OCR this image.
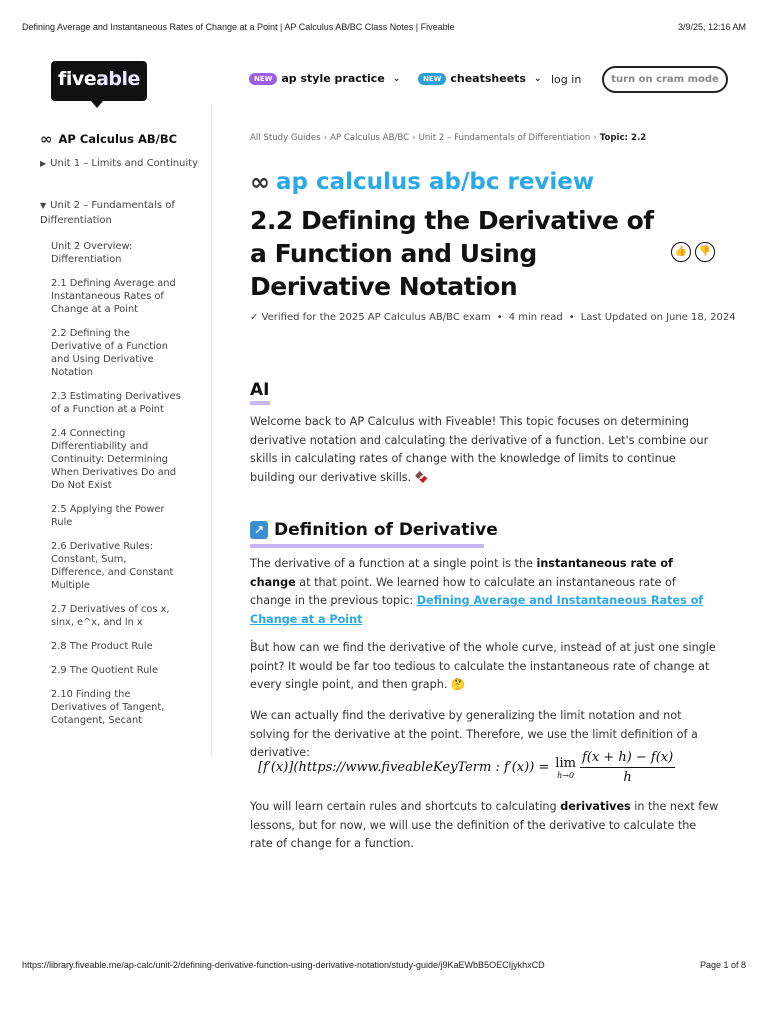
Defining Average and Instantaneous Rates of Change at a Point | AP Calculus AB/BC Class Notes | Fiveable	3/9/25, 12:16 AM
fiveable	NEW ap style practice ⌄	NEW cheatsheets ⌄ log in	turn on cram mode
∞ AP Calculus AB/BC
▶ Unit 1 – Limits and Continuity
▼ Unit 2 – Fundamentals of Differentiation
Unit 2 Overview: Differentiation
2.1 Defining Average and Instantaneous Rates of Change at a Point
2.2 Defining the Derivative of a Function and Using Derivative Notation
2.3 Estimating Derivatives of a Function at a Point
2.4 Connecting Differentiability and Continuity: Determining When Derivatives Do and Do Not Exist
2.5 Applying the Power Rule
2.6 Derivative Rules: Constant, Sum, Difference, and Constant Multiple
2.7 Derivatives of cos x, sinx, e^x, and ln x
2.8 The Product Rule
2.9 The Quotient Rule
2.10 Finding the Derivatives of Tangent, Cotangent, Secant
All Study Guides › AP Calculus AB/BC › Unit 2 – Fundamentals of Differentiation › Topic: 2.2
∞ ap calculus ab/bc review
2.2 Defining the Derivative of a Function and Using Derivative Notation
👍	👎
✓ Verified for the 2025 AP Calculus AB/BC exam • 4 min read • Last Updated on June 18, 2024
AI
Welcome back to AP Calculus with Fiveable! This topic focuses on determining derivative notation and calculating the derivative of a function. Let's combine our skills in calculating rates of change with the knowledge of limits to continue building our derivative skills. 🍫
↗ Definition of Derivative
The derivative of a function at a single point is the instantaneous rate of change at that point. We learned how to calculate an instantaneous rate of change in the previous topic: Defining Average and Instantaneous Rates of Change at a Point
.
But how can we find the derivative of the whole curve, instead of at just one single point? It would be far too tedious to calculate the instantaneous rate of change at every single point, and then graph. 🤔
We can actually find the derivative by generalizing the limit notation and not solving for the derivative at the point. Therefore, we use the limit definition of a derivative:
[f′(x)](https://www.fiveableKeyTerm : f′(x)) = lim
$h\to 0 \frac{f(x + h) - f(x)}{h}$
You will learn certain rules and shortcuts to calculating derivatives in the next few lessons, but for now, we will use the definition of the derivative to calculate the rate of change for a function.
https://library.fiveable.me/ap-calc/unit-2/defining-derivative-function-using-derivative-notation/study-guide/j9KaEWbB5OECIjykhxCD	Page 1 of 8
